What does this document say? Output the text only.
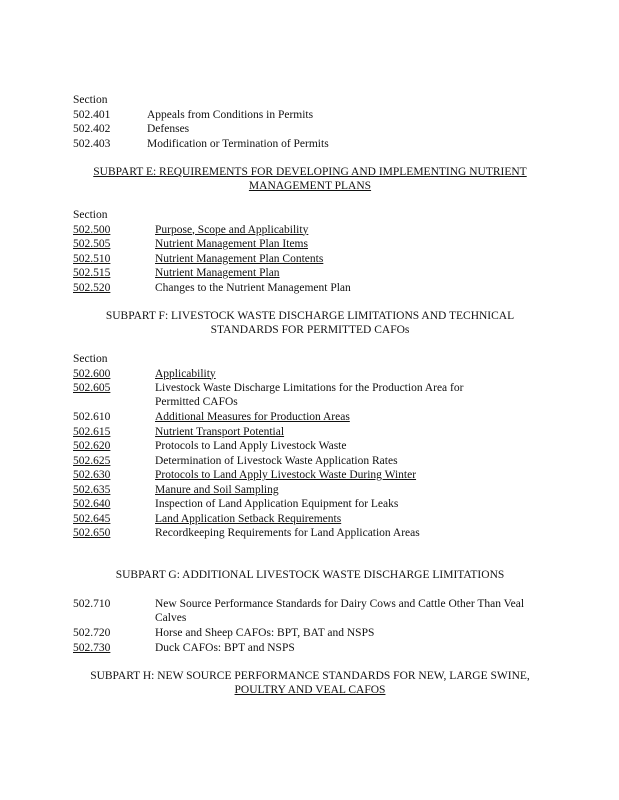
Section
502.401	Appeals from Conditions in Permits
502.402	Defenses
502.403	Modification or Termination of Permits
SUBPART E: REQUIREMENTS FOR DEVELOPING AND IMPLEMENTING NUTRIENT
MANAGEMENT PLANS
Section
502.500	Purpose, Scope and Applicability
502.505	Nutrient Management Plan Items
502.510	Nutrient Management Plan Contents
502.515	Nutrient Management Plan
502.520	Changes to the Nutrient Management Plan
SUBPART F: LIVESTOCK WASTE DISCHARGE LIMITATIONS AND TECHNICAL
STANDARDS FOR PERMITTED CAFOs
Section
502.600	Applicability
502.605	Livestock Waste Discharge Limitations for the Production Area for Permitted CAFOs
502.610	Additional Measures for Production Areas
502.615	Nutrient Transport Potential
502.620	Protocols to Land Apply Livestock Waste
502.625	Determination of Livestock Waste Application Rates
502.630	Protocols to Land Apply Livestock Waste During Winter
502.635	Manure and Soil Sampling
502.640	Inspection of Land Application Equipment for Leaks
502.645	Land Application Setback Requirements
502.650	Recordkeeping Requirements for Land Application Areas
SUBPART G: ADDITIONAL LIVESTOCK WASTE DISCHARGE LIMITATIONS
502.710	New Source Performance Standards for Dairy Cows and Cattle Other Than Veal Calves
502.720	Horse and Sheep CAFOs: BPT, BAT and NSPS
502.730	Duck CAFOs: BPT and NSPS
SUBPART H: NEW SOURCE PERFORMANCE STANDARDS FOR NEW, LARGE SWINE,
POULTRY AND VEAL CAFOS
